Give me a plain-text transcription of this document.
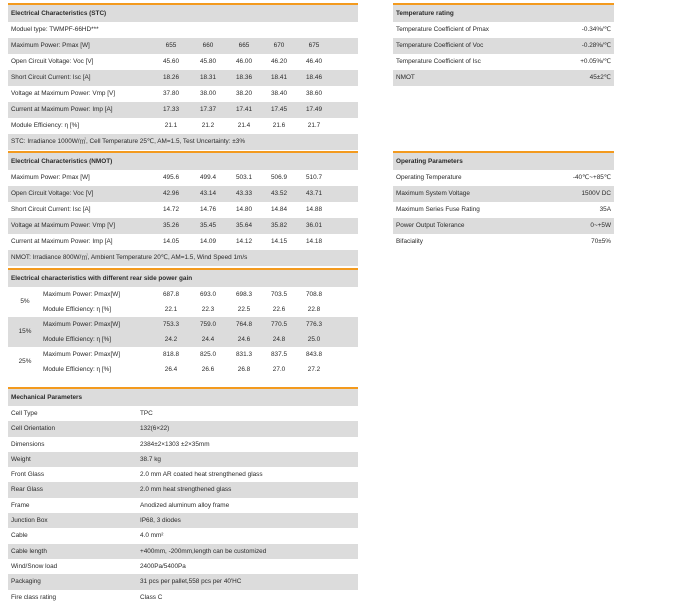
Electrical Characteristics (STC)
Moduel type: TWMPF-66HD***
Maximum Power: Pmax [W]	655	660	665	670	675
Open Circuit Voltage: Voc [V]	45.60	45.80	46.00	46.20	46.40
Short Circuit Current: Isc [A]	18.26	18.31	18.36	18.41	18.46
Voltage at Maximum Power: Vmp [V]	37.80	38.00	38.20	38.40	38.60
Current at Maximum Power: Imp [A]	17.33	17.37	17.41	17.45	17.49
Module Efficiency: η [%]	21.1	21.2	21.4	21.6	21.7
STC: Irradiance 1000W/㎡, Cell Temperature 25℃, AM=1.5, Test Uncertainty: ±3%
Temperature rating
Temperature Coefficient of Pmax	-0.34%/℃
Temperature Coefficient of Voc	-0.28%/℃
Temperature Coefficient of Isc	+0.05%/℃
NMOT	45±2℃
Electrical Characteristics (NMOT)
Maximum Power: Pmax [W]	495.6	499.4	503.1	506.9	510.7
Open Circuit Voltage: Voc [V]	42.96	43.14	43.33	43.52	43.71
Short Circuit Current: Isc [A]	14.72	14.76	14.80	14.84	14.88
Voltage at Maximum Power: Vmp [V]	35.26	35.45	35.64	35.82	36.01
Current at Maximum Power: Imp [A]	14.05	14.09	14.12	14.15	14.18
NMOT: Irradiance 800W/㎡, Ambient Temperature 20℃, AM=1.5, Wind Speed 1m/s
Operating Parameters
Operating Temperature	-40℃~+85℃
Maximum System Voltage	1500V DC
Maximum Series Fuse Rating	35A
Power Output Tolerance	0~+5W
Bifaciality	70±5%
Electrical characteristics with different rear side power gain
5%
Maximum Power: Pmax[W]	687.8	693.0	698.3	703.5	708.8
Module Efficiency: η [%]	22.1	22.3	22.5	22.6	22.8
15%
Maximum Power: Pmax[W]	753.3	759.0	764.8	770.5	776.3
Module Efficiency: η [%]	24.2	24.4	24.6	24.8	25.0
25%
Maximum Power: Pmax[W]	818.8	825.0	831.3	837.5	843.8
Module Efficiency: η [%]	26.4	26.6	26.8	27.0	27.2
Mechanical Parameters
Cell Type	TPC
Cell Orientation	132(6×22)
Dimensions	2384±2×1303 ±2×35mm
Weight	38.7 kg
Front Glass	2.0 mm AR coated heat strengthened glass
Rear Glass	2.0 mm heat strengthened glass
Frame	Anodized aluminum alloy frame
Junction Box	IP68, 3 diodes
Cable	4.0 mm²
Cable length	+400mm, -200mm,length can be customized
Wind/Snow load	2400Pa/5400Pa
Packaging	31 pcs per pallet,558 pcs per 40'HC
Fire class rating	Class C
